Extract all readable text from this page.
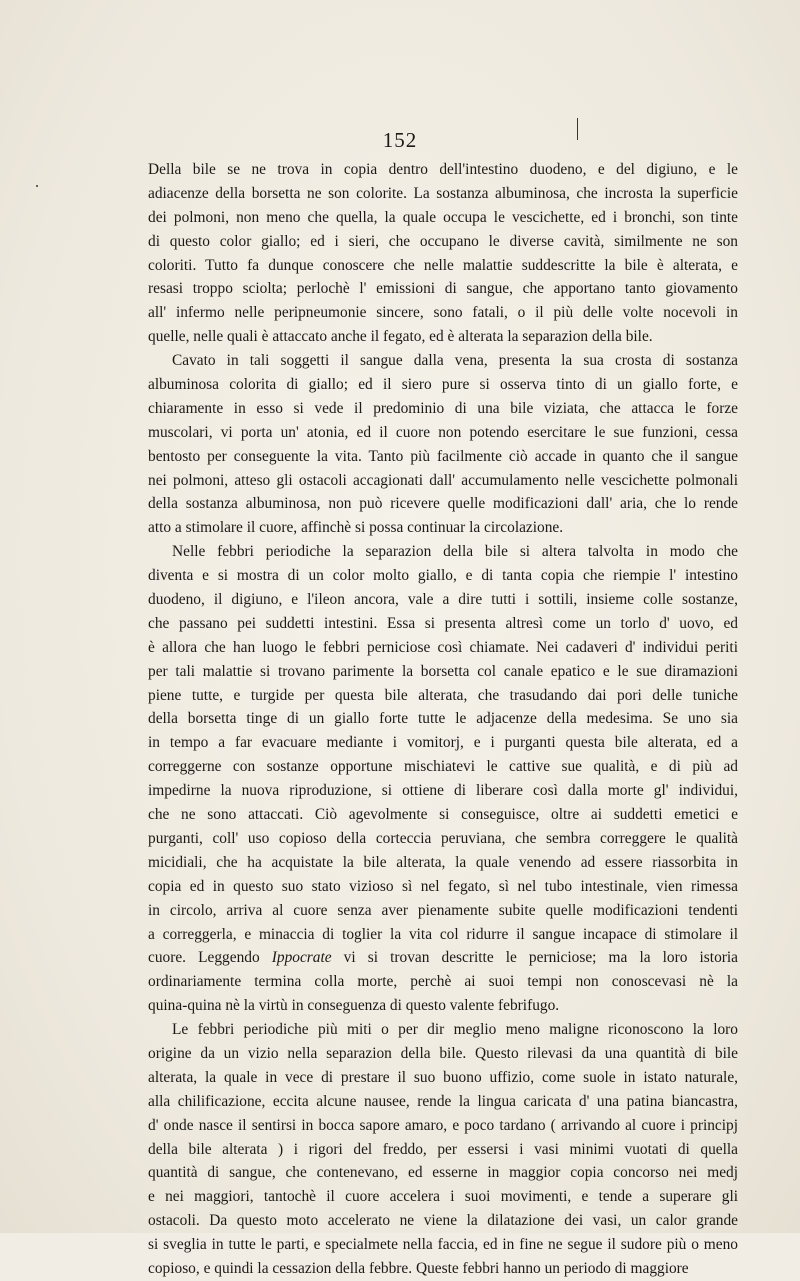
152
Della bile se ne trova in copia dentro dell'intestino duodeno, e del digiuno, e le
adiacenze della borsetta ne son colorite. La sostanza albuminosa, che incrosta la superficie
dei polmoni, non meno che quella, la quale occupa le vescichette, ed i bronchi, son tinte
di questo color giallo; ed i sieri, che occupano le diverse cavità, similmente ne son
coloriti. Tutto fa dunque conoscere che nelle malattie suddescritte la bile è alterata, e
resasi troppo sciolta; perlochè l' emissioni di sangue, che apportano tanto giovamento
all' infermo nelle peripneumonie sincere, sono fatali, o il più delle volte nocevoli in
quelle, nelle quali è attaccato anche il fegato, ed è alterata la separazion della bile.
Cavato in tali soggetti il sangue dalla vena, presenta la sua crosta di sostanza
albuminosa colorita di giallo; ed il siero pure si osserva tinto di un giallo forte, e
chiaramente in esso si vede il predominio di una bile viziata, che attacca le forze
muscolari, vi porta un' atonia, ed il cuore non potendo esercitare le sue funzioni, cessa
bentosto per conseguente la vita. Tanto più facilmente ciò accade in quanto che il sangue
nei polmoni, atteso gli ostacoli accagionati dall' accumulamento nelle vescichette polmonali
della sostanza albuminosa, non può ricevere quelle modificazioni dall' aria, che lo rende
atto a stimolare il cuore, affinchè si possa continuar la circolazione.
Nelle febbri periodiche la separazion della bile si altera talvolta in modo che
diventa e si mostra di un color molto giallo, e di tanta copia che riempie l' intestino
duodeno, il digiuno, e l'ileon ancora, vale a dire tutti i sottili, insieme colle sostanze,
che passano pei suddetti intestini. Essa si presenta altresì come un torlo d' uovo, ed
è allora che han luogo le febbri perniciose così chiamate. Nei cadaveri d' individui periti
per tali malattie si trovano parimente la borsetta col canale epatico e le sue diramazioni
piene tutte, e turgide per questa bile alterata, che trasudando dai pori delle tuniche
della borsetta tinge di un giallo forte tutte le adjacenze della medesima. Se uno sia
in tempo a far evacuare mediante i vomitorj, e i purganti questa bile alterata, ed a
correggerne con sostanze opportune mischiatevi le cattive sue qualità, e di più ad
impedirne la nuova riproduzione, si ottiene di liberare così dalla morte gl' individui,
che ne sono attaccati. Ciò agevolmente si conseguisce, oltre ai suddetti emetici e
purganti, coll' uso copioso della corteccia peruviana, che sembra correggere le qualità
micidiali, che ha acquistate la bile alterata, la quale venendo ad essere riassorbita in
copia ed in questo suo stato vizioso sì nel fegato, sì nel tubo intestinale, vien rimessa
in circolo, arriva al cuore senza aver pienamente subite quelle modificazioni tendenti
a correggerla, e minaccia di toglier la vita col ridurre il sangue incapace di stimolare il
cuore. Leggendo Ippocrate vi si trovan descritte le perniciose; ma la loro istoria
ordinariamente termina colla morte, perchè ai suoi tempi non conoscevasi nè la
quina-quina nè la virtù in conseguenza di questo valente febrifugo.
Le febbri periodiche più miti o per dir meglio meno maligne riconoscono la loro
origine da un vizio nella separazion della bile. Questo rilevasi da una quantità di bile
alterata, la quale in vece di prestare il suo buono uffizio, come suole in istato naturale,
alla chilificazione, eccita alcune nausee, rende la lingua caricata d' una patina biancastra,
d' onde nasce il sentirsi in bocca sapore amaro, e poco tardano ( arrivando al cuore i principj
della bile alterata ) i rigori del freddo, per essersi i vasi minimi vuotati di quella
quantità di sangue, che contenevano, ed esserne in maggior copia concorso nei medj
e nei maggiori, tantochè il cuore accelera i suoi movimenti, e tende a superare gli
ostacoli. Da questo moto accelerato ne viene la dilatazione dei vasi, un calor grande
si sveglia in tutte le parti, e specialmete nella faccia, ed in fine ne segue il sudore più o meno
copioso, e quindi la cessazion della febbre. Queste febbri hanno un periodo di maggiore
